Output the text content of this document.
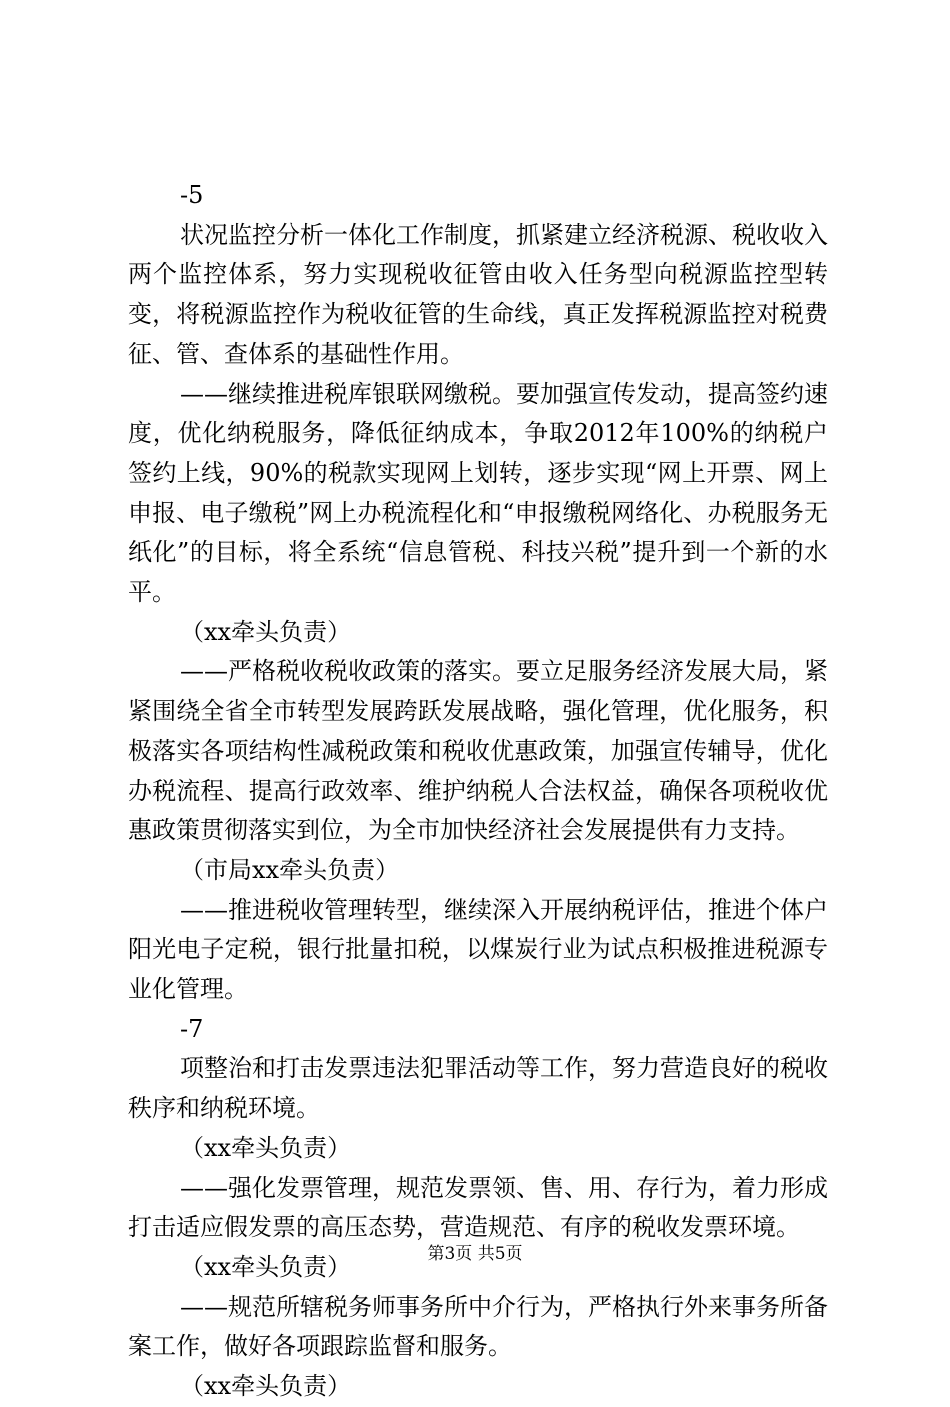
-5

状况监控分析一体化工作制度，抓紧建立经济税源、税收收入两个监控体系，努力实现税收征管由收入任务型向税源监控型转变，将税源监控作为税收征管的生命线，真正发挥税源监控对税费征、管、查体系的基础性作用。

——继续推进税库银联网缴税。要加强宣传发动，提高签约速度，优化纳税服务，降低征纳成本，争取2012年100%的纳税户签约上线，90%的税款实现网上划转，逐步实现“网上开票、网上申报、电子缴税”网上办税流程化和“申报缴税网络化、办税服务无纸化”的目标，将全系统“信息管税、科技兴税”提升到一个新的水平。

（xx牵头负责）

——严格税收税收政策的落实。要立足服务经济发展大局，紧紧围绕全省全市转型发展跨跃发展战略，强化管理，优化服务，积极落实各项结构性减税政策和税收优惠政策，加强宣传辅导，优化办税流程、提高行政效率、维护纳税人合法权益，确保各项税收优惠政策贯彻落实到位，为全市加快经济社会发展提供有力支持。

（市局xx牵头负责）

——推进税收管理转型，继续深入开展纳税评估，推进个体户阳光电子定税，银行批量扣税，以煤炭行业为试点积极推进税源专业化管理。

-7

项整治和打击发票违法犯罪活动等工作，努力营造良好的税收秩序和纳税环境。

（xx牵头负责）

——强化发票管理，规范发票领、售、用、存行为，着力形成打击适应假发票的高压态势，营造规范、有序的税收发票环境。

（xx牵头负责）

——规范所辖税务师事务所中介行为，严格执行外来事务所备案工作，做好各项跟踪监督和服务。

（xx牵头负责）

第3页 共5页
